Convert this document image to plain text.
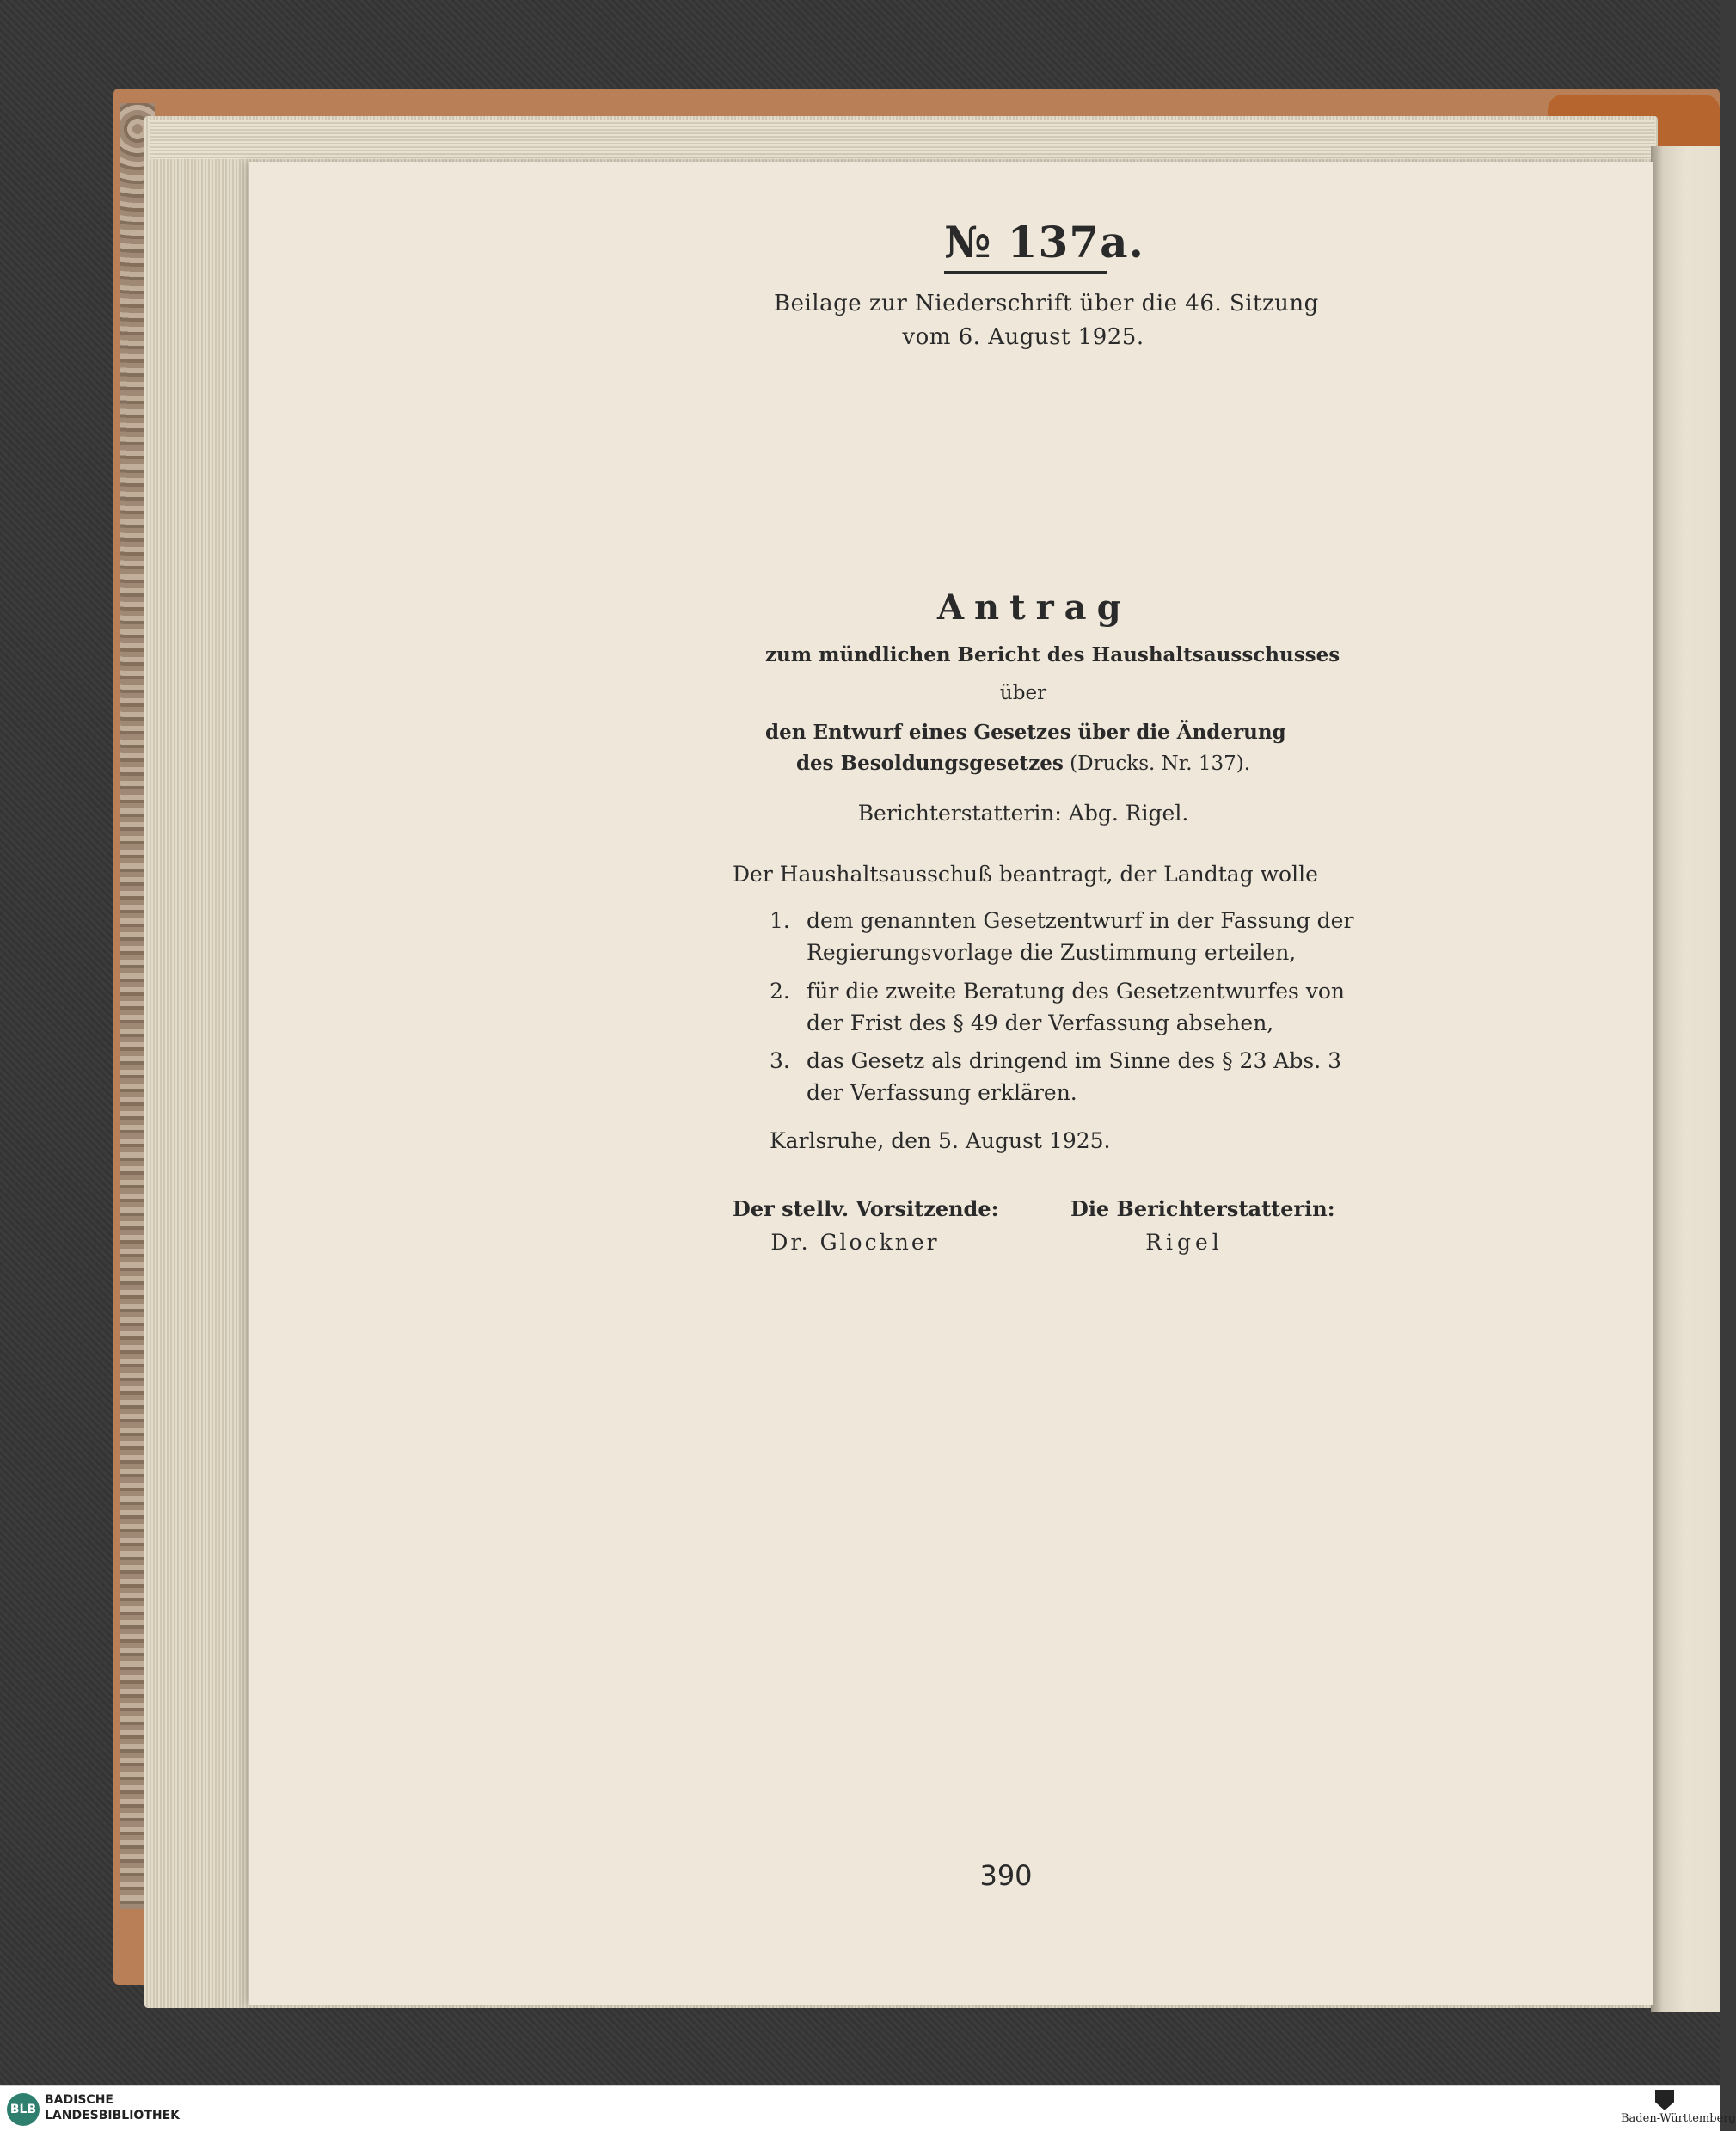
№ 137a.
Beilage zur Niederschrift über die 46. Sitzung
vom 6. August 1925.
Antrag
zum mündlichen Bericht des Haushaltsausschusses
über
den Entwurf eines Gesetzes über die Änderung
des Besoldungsgesetzes (Drucks. Nr. 137).
Berichterstatterin: Abg. Rigel.
Der Haushaltsausschuß beantragt, der Landtag wolle
1. dem genannten Gesetzentwurf in der Fassung der
Regierungsvorlage die Zustimmung erteilen,
2. für die zweite Beratung des Gesetzentwurfes von
der Frist des § 49 der Verfassung absehen,
3. das Gesetz als dringend im Sinne des § 23 Abs. 3
der Verfassung erklären.
Karlsruhe, den 5. August 1925.
Der stellv. Vorsitzende:
Dr. Glockner
Die Berichterstatterin:
Rigel
390
BLB
BADISCHE
LANDESBIBLIOTHEK	Baden-Württemberg
